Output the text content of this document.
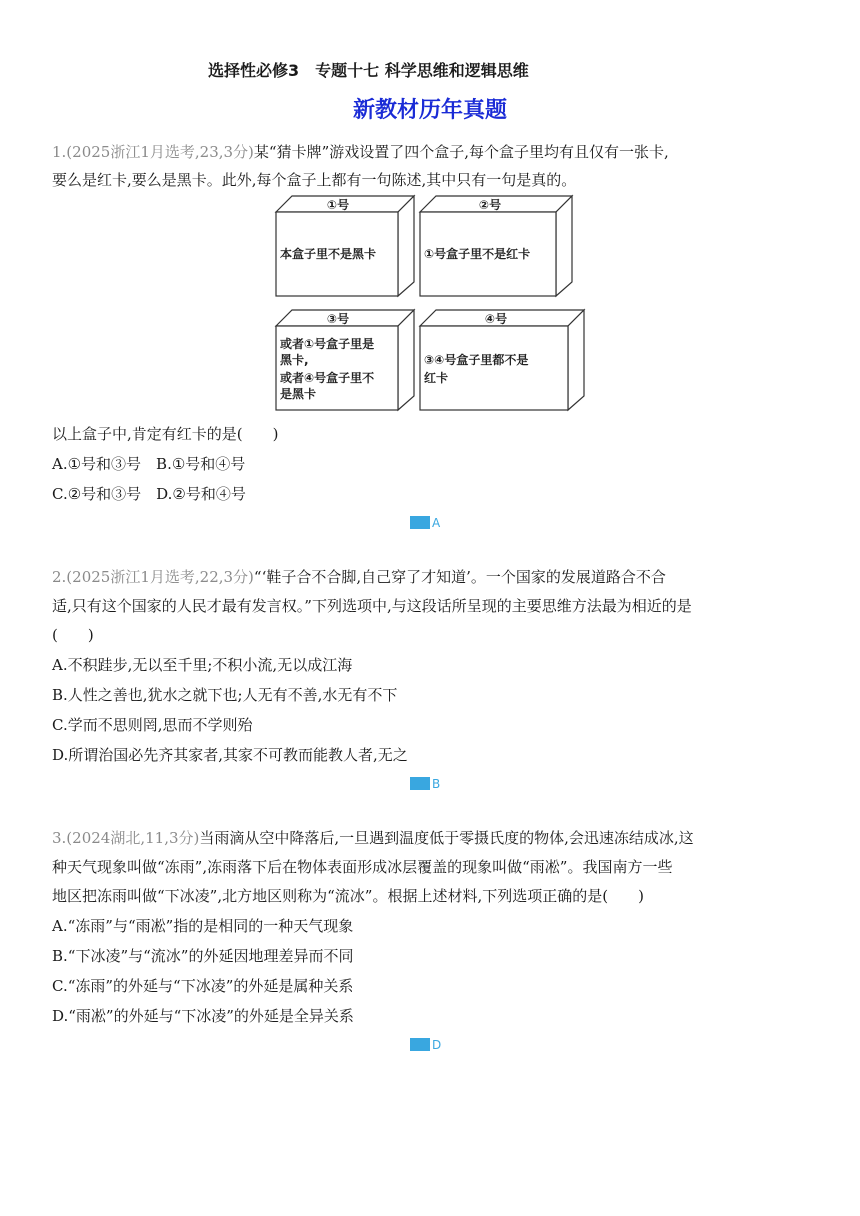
选择性必修3　专题十七 科学思维和逻辑思维
新教材历年真题
1.(2025浙江1月选考,23,3分)某“猜卡牌”游戏设置了四个盒子,每个盒子里均有且仅有一张卡,
要么是红卡,要么是黑卡。此外,每个盒子上都有一句陈述,其中只有一句是真的。
①号
本盒子里不是黑卡
②号
①号盒子里不是红卡
③号
或者①号盒子里是
黑卡,
或者④号盒子里不
是黑卡
④号
③④号盒子里都不是
红卡
以上盒子中,肯定有红卡的是(　　)
A.①号和③号　B.①号和④号
C.②号和③号　D.②号和④号
A
2.(2025浙江1月选考,22,3分)“‘鞋子合不合脚,自己穿了才知道’。一个国家的发展道路合不合
适,只有这个国家的人民才最有发言权。”下列选项中,与这段话所呈现的主要思维方法最为相近的是
(　　)
A.不积跬步,无以至千里;不积小流,无以成江海
B.人性之善也,犹水之就下也;人无有不善,水无有不下
C.学而不思则罔,思而不学则殆
D.所谓治国必先齐其家者,其家不可教而能教人者,无之
B
3.(2024湖北,11,3分)当雨滴从空中降落后,一旦遇到温度低于零摄氏度的物体,会迅速冻结成冰,这
种天气现象叫做“冻雨”,冻雨落下后在物体表面形成冰层覆盖的现象叫做“雨凇”。我国南方一些
地区把冻雨叫做“下冰凌”,北方地区则称为“流冰”。根据上述材料,下列选项正确的是(　　)
A.“冻雨”与“雨凇”指的是相同的一种天气现象
B.“下冰凌”与“流冰”的外延因地理差异而不同
C.“冻雨”的外延与“下冰凌”的外延是属种关系
D.“雨凇”的外延与“下冰凌”的外延是全异关系
D
